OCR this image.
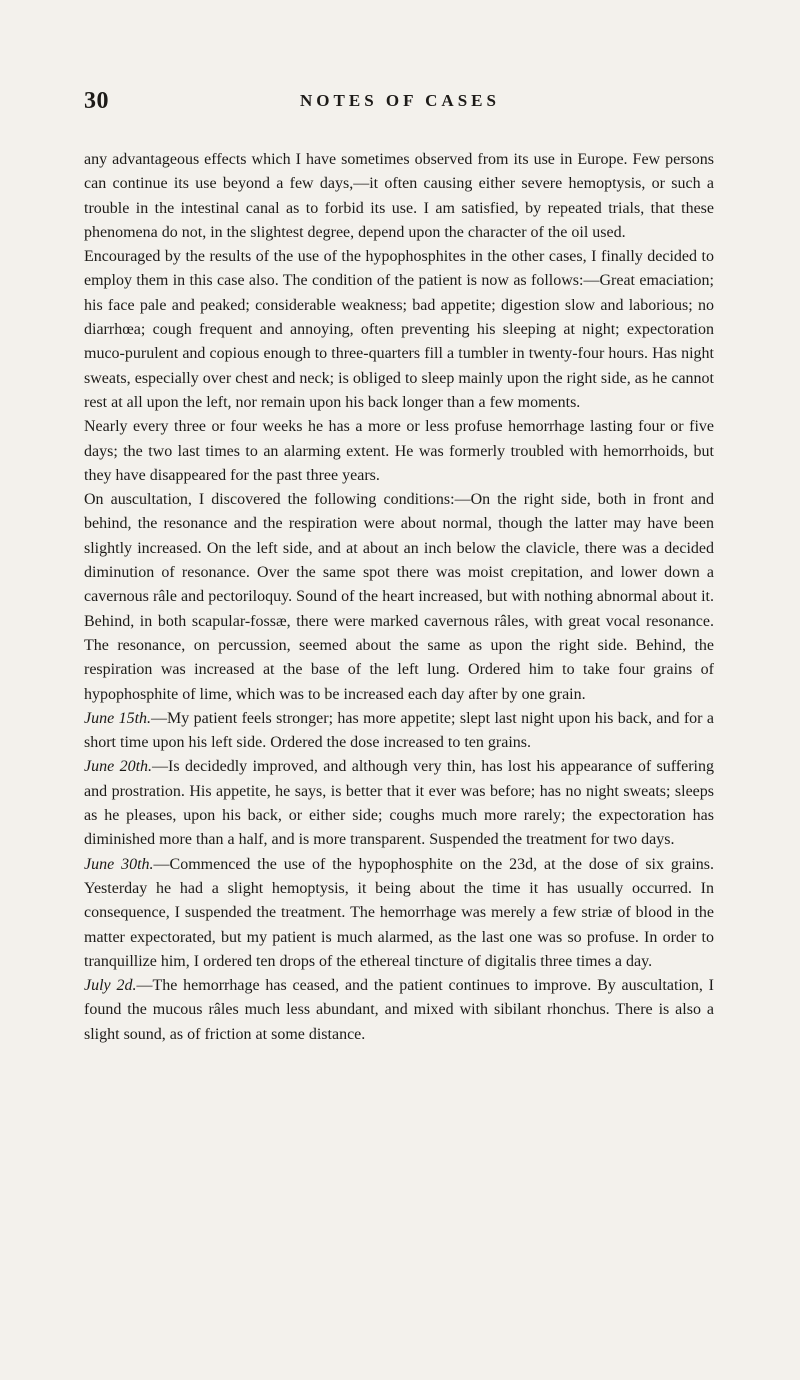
30	NOTES OF CASES

any advantageous effects which I have sometimes observed from its use in Europe. Few persons can continue its use beyond a few days,—it often causing either severe hemoptysis, or such a trouble in the intestinal canal as to forbid its use. I am satisfied, by repeated trials, that these phenomena do not, in the slightest degree, depend upon the character of the oil used.

Encouraged by the results of the use of the hypophosphites in the other cases, I finally decided to employ them in this case also. The condition of the patient is now as follows:—Great emaciation; his face pale and peaked; considerable weakness; bad appetite; digestion slow and laborious; no diarrhœa; cough frequent and annoying, often preventing his sleeping at night; expectoration muco-purulent and copious enough to three-quarters fill a tumbler in twenty-four hours. Has night sweats, especially over chest and neck; is obliged to sleep mainly upon the right side, as he cannot rest at all upon the left, nor remain upon his back longer than a few moments.

Nearly every three or four weeks he has a more or less profuse hemorrhage lasting four or five days; the two last times to an alarming extent. He was formerly troubled with hemorrhoids, but they have disappeared for the past three years.

On auscultation, I discovered the following conditions:—On the right side, both in front and behind, the resonance and the respiration were about normal, though the latter may have been slightly increased. On the left side, and at about an inch below the clavicle, there was a decided diminution of resonance. Over the same spot there was moist crepitation, and lower down a cavernous râle and pectoriloquy. Sound of the heart increased, but with nothing abnormal about it. Behind, in both scapular-fossæ, there were marked cavernous râles, with great vocal resonance. The resonance, on percussion, seemed about the same as upon the right side. Behind, the respiration was increased at the base of the left lung. Ordered him to take four grains of hypophosphite of lime, which was to be increased each day after by one grain.

June 15th.—My patient feels stronger; has more appetite; slept last night upon his back, and for a short time upon his left side. Ordered the dose increased to ten grains.

June 20th.—Is decidedly improved, and although very thin, has lost his appearance of suffering and prostration. His appetite, he says, is better that it ever was before; has no night sweats; sleeps as he pleases, upon his back, or either side; coughs much more rarely; the expectoration has diminished more than a half, and is more transparent. Suspended the treatment for two days.

June 30th.—Commenced the use of the hypophosphite on the 23d, at the dose of six grains. Yesterday he had a slight hemoptysis, it being about the time it has usually occurred. In consequence, I suspended the treatment. The hemorrhage was merely a few striæ of blood in the matter expectorated, but my patient is much alarmed, as the last one was so profuse. In order to tranquillize him, I ordered ten drops of the ethereal tincture of digitalis three times a day.

July 2d.—The hemorrhage has ceased, and the patient continues to improve. By auscultation, I found the mucous râles much less abundant, and mixed with sibilant rhonchus. There is also a slight sound, as of friction at some distance.
